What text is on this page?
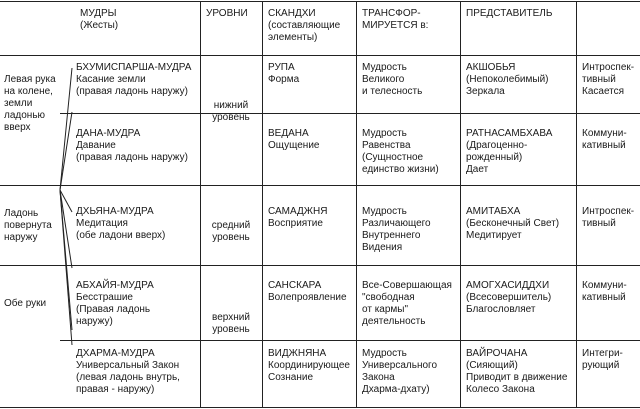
МУДРЫ
(Жесты)
УРОВНИ	СКАНДХИ
(составляющие
элементы)
ТРАНСФОР-
МИРУЕТСЯ в:
ПРЕДСТАВИТЕЛЬ
Левая рука
на колене,
земли
ладонью
вверх
Ладонь
повернута
наружу
Обе руки
нижний
уровень
средний
уровень
верхний
уровень
БХУМИСПАРША-МУДРА
Касание земли
(правая ладонь наружу)
РУПА
Форма
Мудрость
Великого
и телесность
АКШОБЬЯ
(Непоколебимый)
Зеркала
Интроспек-
тивный
Касается
ДАНА-МУДРА
Давание
(правая ладонь наружу)
ВЕДАНА
Ощущение
Мудрость
Равенства
(Сущностное
единство жизни)
РАТНАСАМБХАВА
(Драгоценно-
рожденный)
Дает
Коммуни-
кативный
ДХЬЯНА-МУДРА
Медитация
(обе ладони вверх)
САМАДЖНЯ
Восприятие
Мудрость
Различающего
Внутреннего
Видения
АМИТАБХА
(Бесконечный Свет)
Медитирует
Интроспек-
тивный
АБХАЙЯ-МУДРА
Бесстрашие
(Правая ладонь
наружу)
САНСКАРА
Волепроявление
Все-Совершающая
"свободная
от кармы"
деятельность
АМОГХАСИДДХИ
(Всесовершитель)
Благословляет
Коммуни-
кативный
ДХАРМА-МУДРА
Универсальный Закон
(левая ладонь внутрь,
правая - наружу)
ВИДЖНЯНА
Координирующее
Сознание
Мудрость
Универсального
Закона
Дхарма-дхату)
ВАЙРОЧАНА
(Сияющий)
Приводит в движение
Колесо Закона
Интегри-
рующий
